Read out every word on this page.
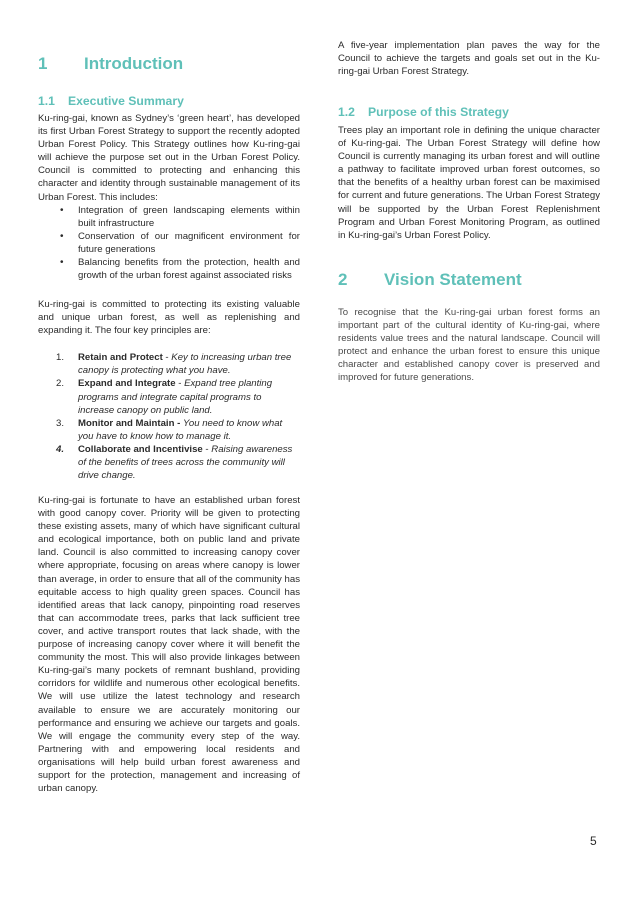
1	Introduction
1.1	Executive Summary

Ku-ring-gai, known as Sydney’s ‘green heart’, has developed its first Urban Forest Strategy to support the recently adopted Urban Forest Policy. This Strategy outlines how Ku-ring-gai will achieve the purpose set out in the Urban Forest Policy. Council is committed to protecting and enhancing this character and identity through sustainable management of its Urban Forest. This includes:

• Integration of green landscaping elements within built infrastructure
• Conservation of our magnificent environment for future generations
• Balancing benefits from the protection, health and growth of the urban forest against associated risks

Ku-ring-gai is committed to protecting its existing valuable and unique urban forest, as well as replenishing and expanding it. The four key principles are:

1. Retain and Protect - Key to increasing urban tree canopy is protecting what you have.
2. Expand and Integrate - Expand tree planting programs and integrate capital programs to increase canopy on public land.
3. Monitor and Maintain - You need to know what you have to know how to manage it.
4. Collaborate and Incentivise - Raising awareness of the benefits of trees across the community will drive change.

Ku-ring-gai is fortunate to have an established urban forest with good canopy cover. Priority will be given to protecting these existing assets, many of which have significant cultural and ecological importance, both on public land and private land. Council is also committed to increasing canopy cover where appropriate, focusing on areas where canopy is lower than average, in order to ensure that all of the community has equitable access to high quality green spaces. Council has identified areas that lack canopy, pinpointing road reserves that can accommodate trees, parks that lack sufficient tree cover, and active transport routes that lack shade, with the purpose of increasing canopy cover where it will benefit the community the most. This will also provide linkages between Ku-ring-gai’s many pockets of remnant bushland, providing corridors for wildlife and numerous other ecological benefits. We will use utilize the latest technology and research available to ensure we are accurately monitoring our performance and ensuring we achieve our targets and goals. We will engage the community every step of the way. Partnering with and empowering local residents and organisations will help build urban forest awareness and support for the protection, management and increasing of urban canopy.

A five-year implementation plan paves the way for the Council to achieve the targets and goals set out in the Ku-ring-gai Urban Forest Strategy.

1.2	Purpose of this Strategy

Trees play an important role in defining the unique character of Ku-ring-gai. The Urban Forest Strategy will define how Council is currently managing its urban forest and will outline a pathway to facilitate improved urban forest outcomes, so that the benefits of a healthy urban forest can be maximised for current and future generations. The Urban Forest Strategy will be supported by the Urban Forest Replenishment Program and Urban Forest Monitoring Program, as outlined in Ku-ring-gai’s Urban Forest Policy.

2	Vision Statement

To recognise that the Ku-ring-gai urban forest forms an important part of the cultural identity of Ku-ring-gai, where residents value trees and the natural landscape. Council will protect and enhance the urban forest to ensure this unique character and established canopy cover is preserved and improved for future generations.

5
